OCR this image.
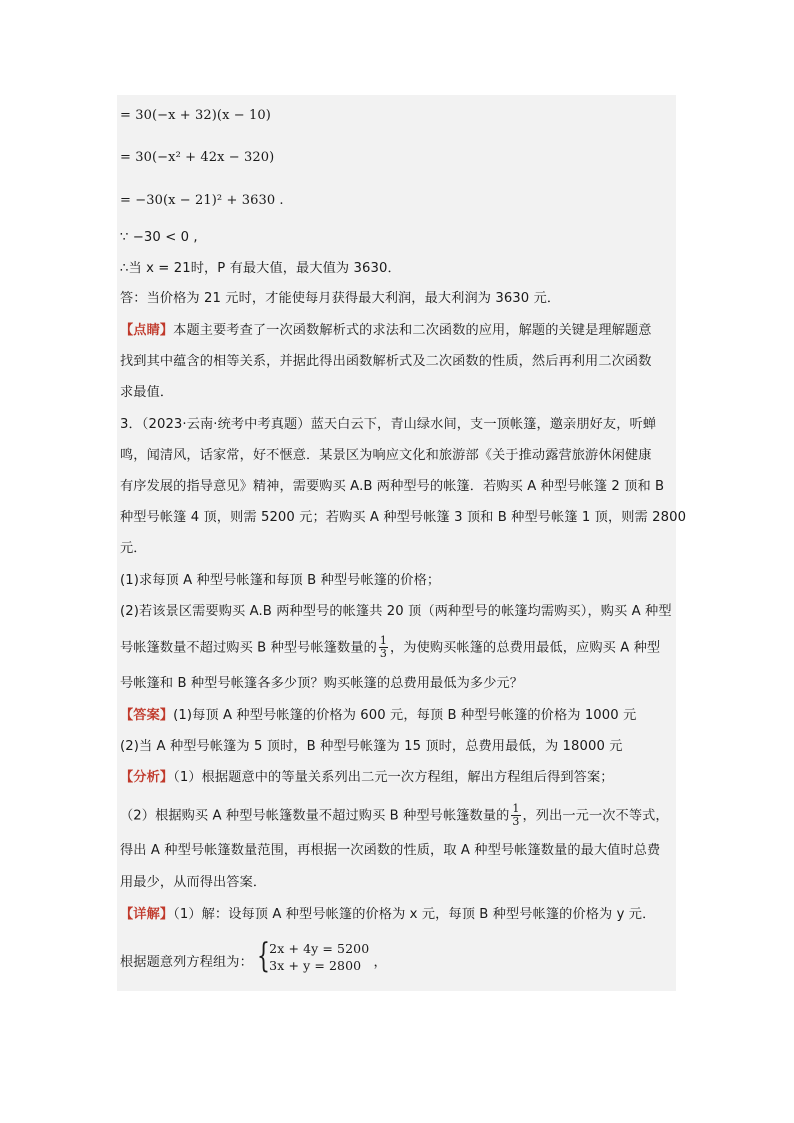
= 30(−x + 32)(x − 10)
= 30(−x² + 42x − 320)
= −30(x − 21)² + 3630 .
∵ −30 < 0 ,
∴当 x = 21时，P 有最大值，最大值为 3630．
答：当价格为 21 元时，才能使每月获得最大利润，最大利润为 3630 元．
【点睛】本题主要考查了一次函数解析式的求法和二次函数的应用，解题的关键是理解题意
找到其中蕴含的相等关系，并据此得出函数解析式及二次函数的性质，然后再利用二次函数
求最值．
3．（2023·云南·统考中考真题）蓝天白云下，青山绿水间，支一顶帐篷，邀亲朋好友，听蝉
鸣，闻清风，话家常，好不惬意．某景区为响应文化和旅游部《关于推动露营旅游休闲健康
有序发展的指导意见》精神，需要购买 A.B 两种型号的帐篷．若购买 A 种型号帐篷 2 顶和 B
种型号帐篷 4 顶，则需 5200 元；若购买 A 种型号帐篷 3 顶和 B 种型号帐篷 1 顶，则需 2800
元．
(1)求每顶 A 种型号帐篷和每顶 B 种型号帐篷的价格；
(2)若该景区需要购买 A.B 两种型号的帐篷共 20 顶（两种型号的帐篷均需购买），购买 A 种型
号帐篷数量不超过购买 B 种型号帐篷数量的 $\frac{1}{3}$ ，为使购买帐篷的总费用最低，应购买 A 种型
号帐篷和 B 种型号帐篷各多少顶？购买帐篷的总费用最低为多少元？
【答案】(1)每顶 A 种型号帐篷的价格为 600 元，每顶 B 种型号帐篷的价格为 1000 元
(2)当 A 种型号帐篷为 5 顶时，B 种型号帐篷为 15 顶时，总费用最低，为 18000 元
【分析】（1）根据题意中的等量关系列出二元一次方程组，解出方程组后得到答案；
（2）根据购买 A 种型号帐篷数量不超过购买 B 种型号帐篷数量的 $\frac{1}{3}$ ，列出一元一次不等式，
得出 A 种型号帐篷数量范围，再根据一次函数的性质，取 A 种型号帐篷数量的最大值时总费
用最少，从而得出答案．
【详解】（1）解：设每顶 A 种型号帐篷的价格为 x 元，每顶 B 种型号帐篷的价格为 y 元．
根据题意列方程组为： {
2x + 4y = 5200
3x + y = 2800 ，
